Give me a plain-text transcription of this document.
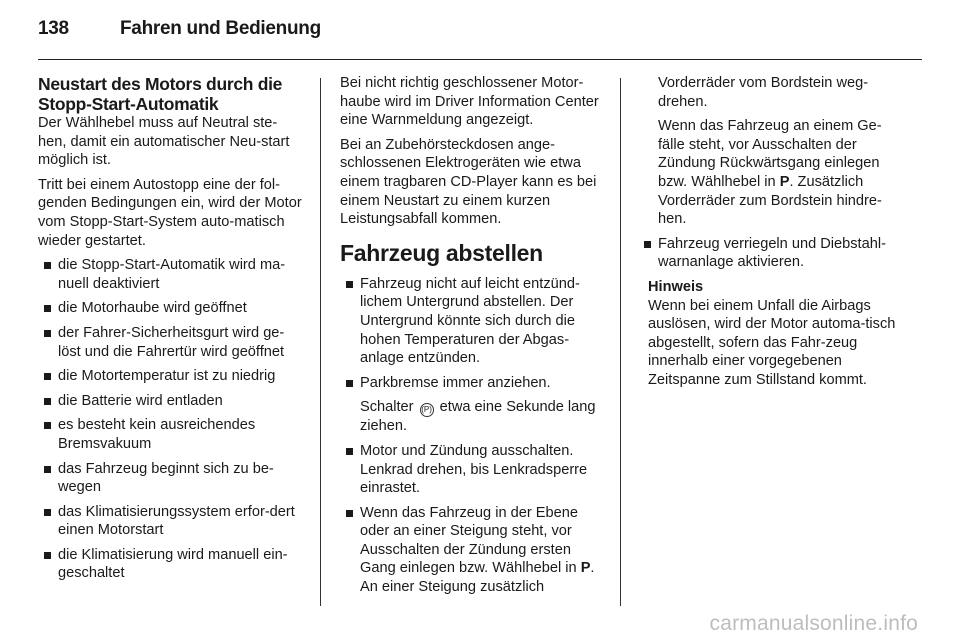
138	Fahren und Bedienung
Neustart des Motors durch die Stopp-Start-Automatik

Der Wählhebel muss auf Neutral ste-hen, damit ein automatischer Neu-start möglich ist.

Tritt bei einem Autostopp eine der fol-genden Bedingungen ein, wird der Motor vom Stopp-Start-System auto-matisch wieder gestartet.

die Stopp-Start-Automatik wird ma-nuell deaktiviert
die Motorhaube wird geöffnet
der Fahrer-Sicherheitsgurt wird ge-löst und die Fahrertür wird geöffnet
die Motortemperatur ist zu niedrig
die Batterie wird entladen
es besteht kein ausreichendes Bremsvakuum
das Fahrzeug beginnt sich zu be-wegen
das Klimatisierungssystem erfor-dert einen Motorstart
die Klimatisierung wird manuell ein-geschaltet

Bei nicht richtig geschlossener Motor-haube wird im Driver Information Center eine Warnmeldung angezeigt.

Bei an Zubehörsteckdosen ange-schlossenen Elektrogeräten wie etwa einem tragbaren CD-Player kann es bei einem Neustart zu einem kurzen Leistungsabfall kommen.

Fahrzeug abstellen
Fahrzeug nicht auf leicht entzünd-lichem Untergrund abstellen. Der Untergrund könnte sich durch die hohen Temperaturen der Abgas-anlage entzünden.
Parkbremse immer anziehen.

Schalter (P) etwa eine Sekunde lang ziehen.

Motor und Zündung ausschalten. Lenkrad drehen, bis Lenkradsperre einrastet.
Wenn das Fahrzeug in der Ebene oder an einer Steigung steht, vor Ausschalten der Zündung ersten Gang einlegen bzw. Wählhebel in P. An einer Steigung zusätzlich

Vorderräder vom Bordstein weg-drehen.

Wenn das Fahrzeug an einem Ge-fälle steht, vor Ausschalten der Zündung Rückwärtsgang einlegen bzw. Wählhebel in P. Zusätzlich Vorderräder zum Bordstein hindre-hen.

Fahrzeug verriegeln und Diebstahl-warnanlage aktivieren.

Hinweis

Wenn bei einem Unfall die Airbags auslösen, wird der Motor automa-tisch abgestellt, sofern das Fahr-zeug innerhalb einer vorgegebenen Zeitspanne zum Stillstand kommt.

carmanualsonline.info
